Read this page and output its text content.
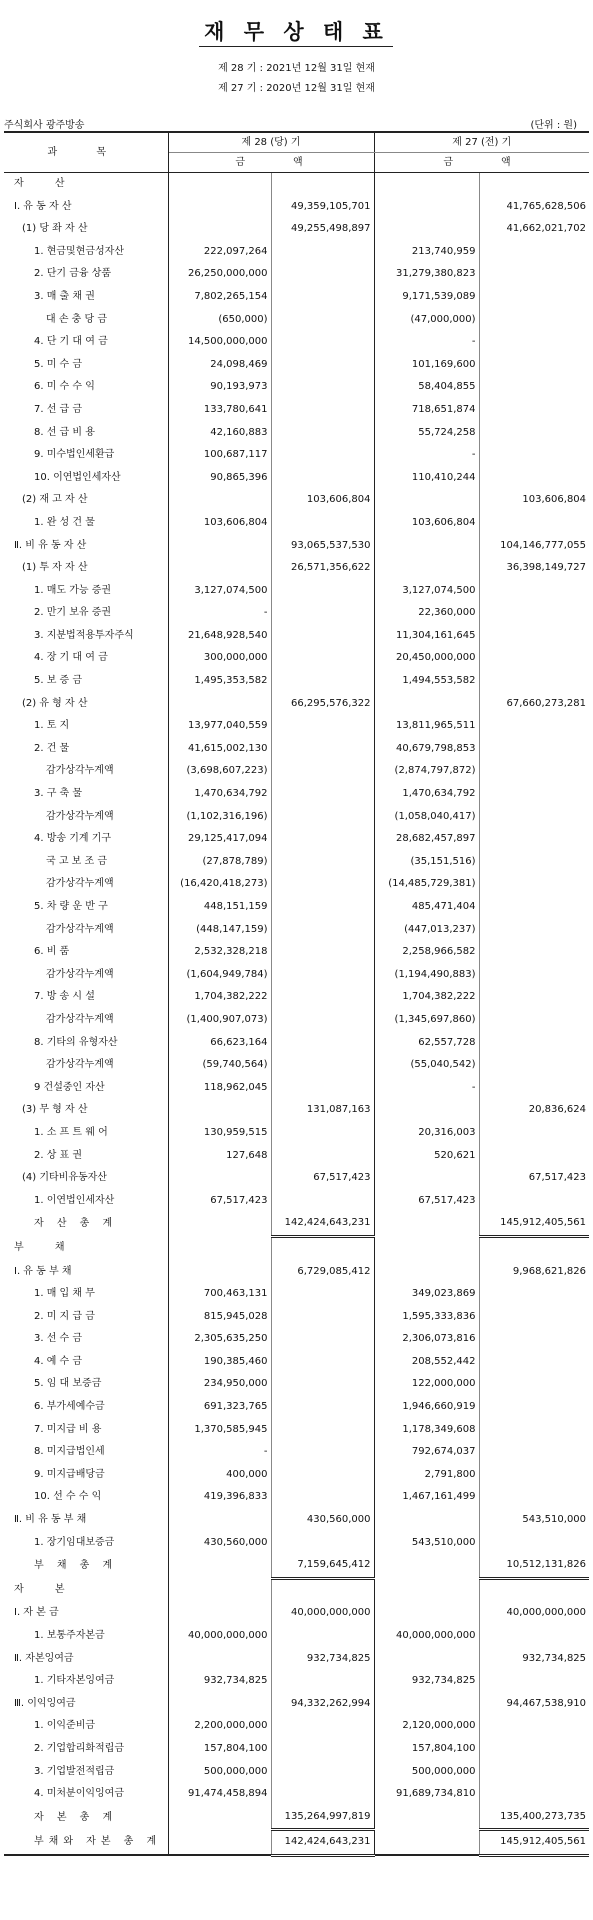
재 무 상 태 표
제 28 기 : 2021년 12월 31일 현재
제 27 기 : 2020년 12월 31일 현재
주식회사 광주방송	(단위 : 원)
과 목	제 28 (당) 기		제 27 (전) 기	
	금	액	금	액
자 산				
Ⅰ. 유 동 자 산		49,359,105,701		41,765,628,506
(1) 당 좌 자 산		49,255,498,897		41,662,021,702
1. 현금및현금성자산	222,097,264		213,740,959	
2. 단기 금융 상품	26,250,000,000		31,279,380,823	
3. 매 출 채 권	7,802,265,154		9,171,539,089	
대 손 충 당 금	(650,000)		(47,000,000)	
4. 단 기 대 여 금	14,500,000,000		-	
5. 미 수 금	24,098,469		101,169,600	
6. 미 수 수 익	90,193,973		58,404,855	
7. 선 급 금	133,780,641		718,651,874	
8. 선 급 비 용	42,160,883		55,724,258	
9. 미수법인세환급	100,687,117		-	
10. 이연법인세자산	90,865,396		110,410,244	
(2) 재 고 자 산		103,606,804		103,606,804
1. 완 성 건 물	103,606,804		103,606,804	
Ⅱ. 비 유 동 자 산		93,065,537,530		104,146,777,055
(1) 투 자 자 산		26,571,356,622		36,398,149,727
1. 매도 가능 증권	3,127,074,500		3,127,074,500	
2. 만기 보유 증권	-		22,360,000	
3. 지분법적용투자주식	21,648,928,540		11,304,161,645	
4. 장 기 대 여 금	300,000,000		20,450,000,000	
5. 보 증 금	1,495,353,582		1,494,553,582	
(2) 유 형 자 산		66,295,576,322		67,660,273,281
1. 토 지	13,977,040,559		13,811,965,511	
2. 건 물	41,615,002,130		40,679,798,853	
감가상각누계액	(3,698,607,223)		(2,874,797,872)	
3. 구 축 물	1,470,634,792		1,470,634,792	
감가상각누계액	(1,102,316,196)		(1,058,040,417)	
4. 방송 기계 기구	29,125,417,094		28,682,457,897	
국 고 보 조 금	(27,878,789)		(35,151,516)	
감가상각누계액	(16,420,418,273)		(14,485,729,381)	
5. 차 량 운 반 구	448,151,159		485,471,404	
감가상각누계액	(448,147,159)		(447,013,237)	
6. 비 품	2,532,328,218		2,258,966,582	
감가상각누계액	(1,604,949,784)		(1,194,490,883)	
7. 방 송 시 설	1,704,382,222		1,704,382,222	
감가상각누계액	(1,400,907,073)		(1,345,697,860)	
8. 기타의 유형자산	66,623,164		62,557,728	
감가상각누계액	(59,740,564)		(55,040,542)	
9 건설중인 자산	118,962,045		-	
(3) 무 형 자 산		131,087,163		20,836,624
1. 소 프 트 웨 어	130,959,515		20,316,003	
2. 상 표 권	127,648		520,621	
(4) 기타비유동자산		67,517,423		67,517,423
1. 이연법인세자산	67,517,423		67,517,423	
자 산 총 계		142,424,643,231		145,912,405,561
부 채				
Ⅰ. 유 동 부 채		6,729,085,412		9,968,621,826
1. 매 입 채 무	700,463,131		349,023,869	
2. 미 지 급 금	815,945,028		1,595,333,836	
3. 선 수 금	2,305,635,250		2,306,073,816	
4. 예 수 금	190,385,460		208,552,442	
5. 임 대 보증금	234,950,000		122,000,000	
6. 부가세예수금	691,323,765		1,946,660,919	
7. 미지급 비 용	1,370,585,945		1,178,349,608	
8. 미지급법인세	-		792,674,037	
9. 미지급배당금	400,000		2,791,800	
10. 선 수 수 익	419,396,833		1,467,161,499	
Ⅱ. 비 유 동 부 채		430,560,000		543,510,000
1. 장기임대보증금	430,560,000		543,510,000	
부 채 총 계		7,159,645,412		10,512,131,826
자 본				
Ⅰ. 자 본 금		40,000,000,000		40,000,000,000
1. 보통주자본금	40,000,000,000		40,000,000,000	
Ⅱ. 자본잉여금		932,734,825		932,734,825
1. 기타자본잉여금	932,734,825		932,734,825	
Ⅲ. 이익잉여금		94,332,262,994		94,467,538,910
1. 이익준비금	2,200,000,000		2,120,000,000	
2. 기업합리화적립금	157,804,100		157,804,100	
3. 기업발전적립금	500,000,000		500,000,000	
4. 미처분이익잉여금	91,474,458,894		91,689,734,810	
자 본 총 계		135,264,997,819		135,400,273,735
부채와 자본 총 계		142,424,643,231		145,912,405,561
